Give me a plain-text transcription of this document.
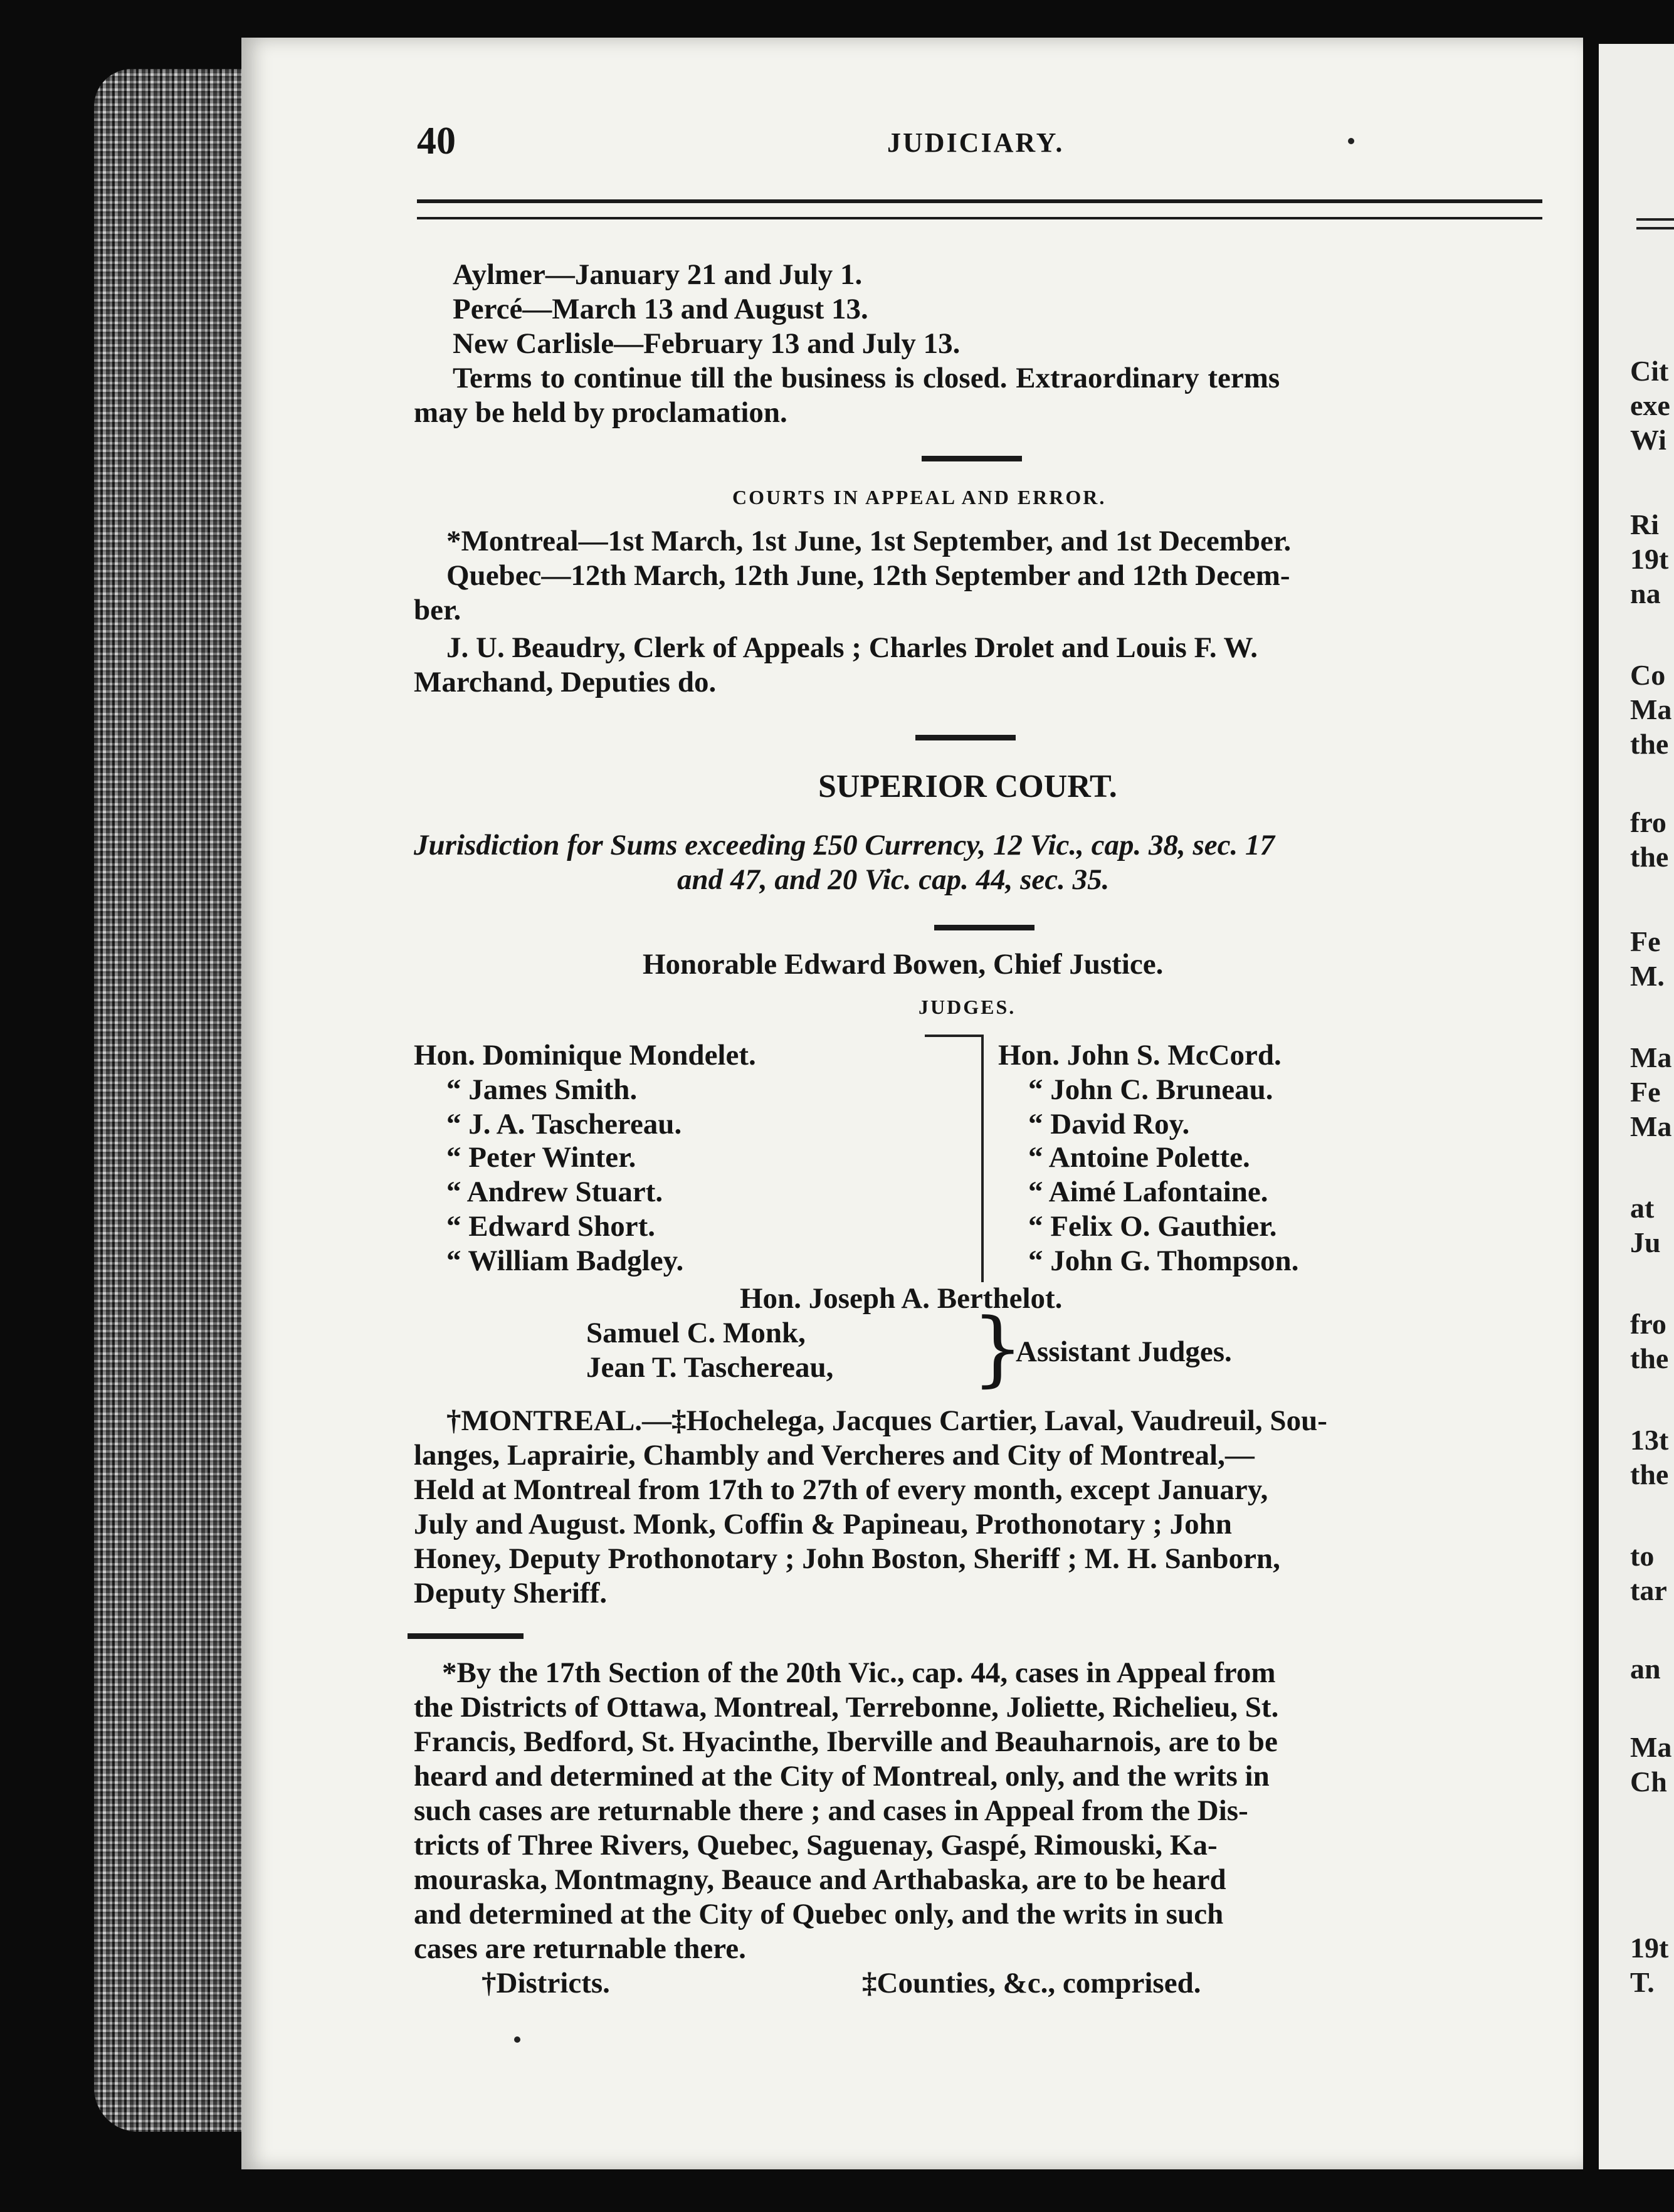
Cit
exe
Wi
Ri
19t
na
Co
Ma
the
fro
the
Fe
M.
Ma
Fe
Ma
at
Ju
fro
the
13t
the
to
tar
an
Ma
Ch
19t
T.
40	JUDICIARY.
Aylmer—January 21 and July 1.
Percé—March 13 and August 13.
New Carlisle—February 13 and July 13.
Terms to continue till the business is closed. Extraordinary terms
may be held by proclamation.
COURTS IN APPEAL AND ERROR.
*Montreal—1st March, 1st June, 1st September, and 1st December.
Quebec—12th March, 12th June, 12th September and 12th Decem-
ber.
J. U. Beaudry, Clerk of Appeals ; Charles Drolet and Louis F. W.
Marchand, Deputies do.
SUPERIOR COURT.
Jurisdiction for Sums exceeding £50 Currency, 12 Vic., cap. 38, sec. 17
and 47, and 20 Vic. cap. 44, sec. 35.
Honorable Edward Bowen, Chief Justice.
JUDGES.
Hon. Dominique Mondelet.
“ James Smith.
“ J. A. Taschereau.
“ Peter Winter.
“ Andrew Stuart.
“ Edward Short.
“ William Badgley.
Hon. John S. McCord.
“ John C. Bruneau.
“ David Roy.
“ Antoine Polette.
“ Aimé Lafontaine.
“ Felix O. Gauthier.
“ John G. Thompson.
Hon. Joseph A. Berthelot.
Samuel C. Monk,
Jean T. Taschereau, }
Assistant Judges.
†MONTREAL.—‡Hochelega, Jacques Cartier, Laval, Vaudreuil, Sou-
langes, Laprairie, Chambly and Vercheres and City of Montreal,—
Held at Montreal from 17th to 27th of every month, except January,
July and August. Monk, Coffin & Papineau, Prothonotary ; John
Honey, Deputy Prothonotary ; John Boston, Sheriff ; M. H. Sanborn,
Deputy Sheriff.
*By the 17th Section of the 20th Vic., cap. 44, cases in Appeal from
the Districts of Ottawa, Montreal, Terrebonne, Joliette, Richelieu, St.
Francis, Bedford, St. Hyacinthe, Iberville and Beauharnois, are to be
heard and determined at the City of Montreal, only, and the writs in
such cases are returnable there ; and cases in Appeal from the Dis-
tricts of Three Rivers, Quebec, Saguenay, Gaspé, Rimouski, Ka-
mouraska, Montmagny, Beauce and Arthabaska, are to be heard
and determined at the City of Quebec only, and the writs in such
cases are returnable there.
†Districts.	‡Counties, &c., comprised.
